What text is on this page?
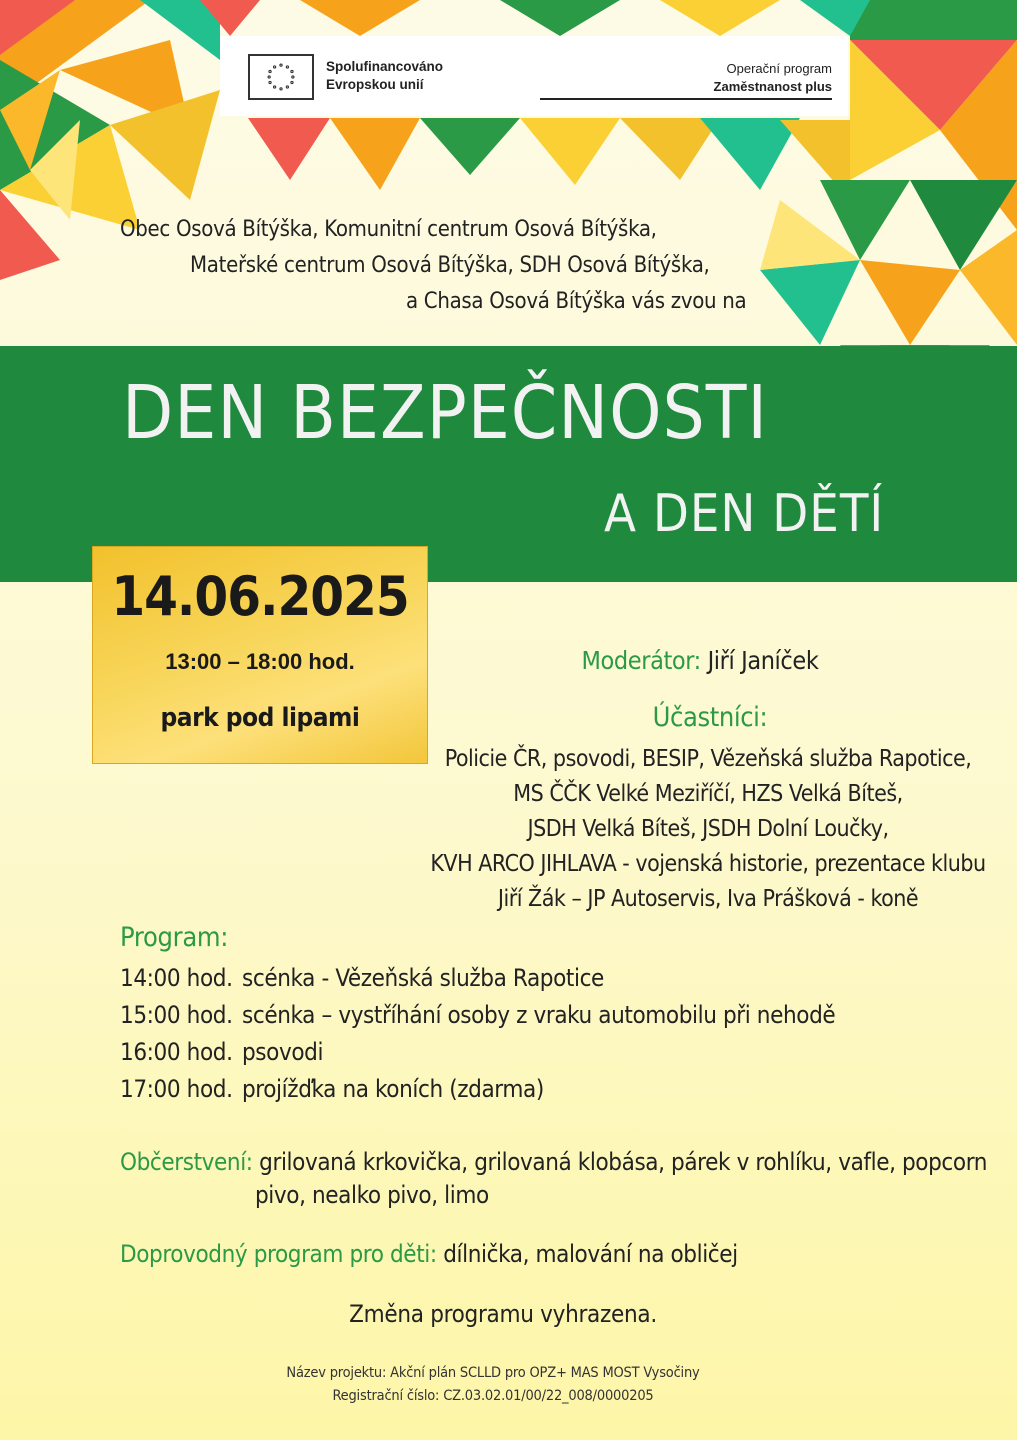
Spolufinancováno
Evropskou unií
Operační program
Zaměstnanost plus
Obec Osová Bítýška, Komunitní centrum Osová Bítýška,
Mateřské centrum Osová Bítýška, SDH Osová Bítýška,
a Chasa Osová Bítýška vás zvou na
DEN BEZPEČNOSTI
A DEN DĚTÍ
14.06.2025
13:00 – 18:00 hod.
park pod lipami
Moderátor: Jiří Janíček
Účastníci:
Policie ČR, psovodi, BESIP, Vězeňská služba Rapotice,
MS ČČK Velké Meziříčí, HZS Velká Bíteš,
JSDH Velká Bíteš, JSDH Dolní Loučky,
KVH ARCO JIHLAVA - vojenská historie, prezentace klubu
Jiří Žák – JP Autoservis, Iva Prášková - koně
Program:
14:00 hod. scénka - Vězeňská služba Rapotice
15:00 hod. scénka – vystříhání osoby z vraku automobilu při nehodě
16:00 hod. psovodi
17:00 hod. projížďka na koních (zdarma)
Občerstvení: grilovaná krkovička, grilovaná klobása, párek v rohlíku, vafle, popcorn
pivo, nealko pivo, limo
Doprovodný program pro děti: dílnička, malování na obličej
Změna programu vyhrazena.
Název projektu: Akční plán SCLLD pro OPZ+ MAS MOST Vysočiny
Registrační číslo: CZ.03.02.01/00/22_008/0000205
